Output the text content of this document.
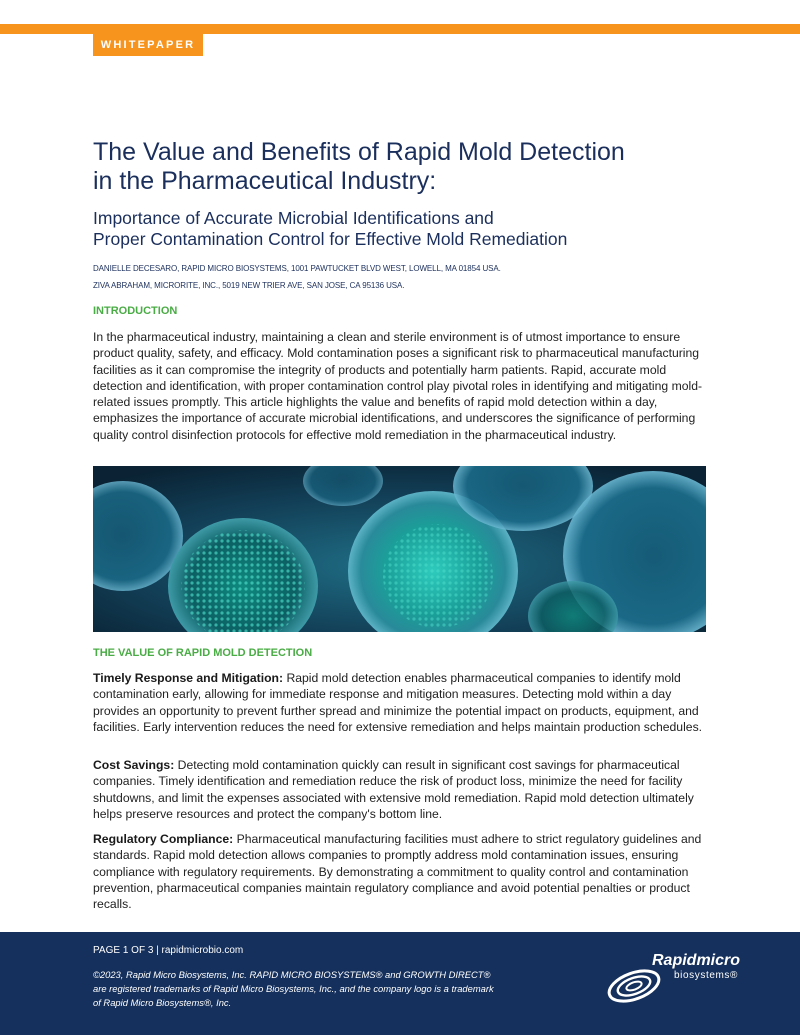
WHITEPAPER
The Value and Benefits of Rapid Mold Detection
in the Pharmaceutical Industry:
Importance of Accurate Microbial Identifications and
Proper Contamination Control for Effective Mold Remediation
DANIELLE DECESARO, RAPID MICRO BIOSYSTEMS, 1001 PAWTUCKET BLVD WEST, LOWELL, MA 01854 USA.
ZIVA ABRAHAM, MICRORITE, INC., 5019 NEW TRIER AVE, SAN JOSE, CA 95136 USA.
INTRODUCTION

In the pharmaceutical industry, maintaining a clean and sterile environment is of utmost importance to ensure product quality, safety, and efficacy. Mold contamination poses a significant risk to pharmaceutical manufacturing facilities as it can compromise the integrity of products and potentially harm patients. Rapid, accurate mold detection and identification, with proper contamination control play pivotal roles in identifying and mitigating mold-related issues promptly. This article highlights the value and benefits of rapid mold detection within a day, emphasizes the importance of accurate microbial identifications, and underscores the significance of performing quality control disinfection protocols for effective mold remediation in the pharmaceutical industry.

THE VALUE OF RAPID MOLD DETECTION

Timely Response and Mitigation: Rapid mold detection enables pharmaceutical companies to identify mold contamination early, allowing for immediate response and mitigation measures. Detecting mold within a day provides an opportunity to prevent further spread and minimize the potential impact on products, equipment, and facilities. Early intervention reduces the need for extensive remediation and helps maintain production schedules.

Cost Savings: Detecting mold contamination quickly can result in significant cost savings for pharmaceutical companies. Timely identification and remediation reduce the risk of product loss, minimize the need for facility shutdowns, and limit the expenses associated with extensive mold remediation. Rapid mold detection ultimately helps preserve resources and protect the company's bottom line.

Regulatory Compliance: Pharmaceutical manufacturing facilities must adhere to strict regulatory guidelines and standards. Rapid mold detection allows companies to promptly address mold contamination issues, ensuring compliance with regulatory requirements. By demonstrating a commitment to quality control and contamination prevention, pharmaceutical companies maintain regulatory compliance and avoid potential penalties or product recalls.

PAGE 1 OF 3 | rapidmicrobio.com

©2023, Rapid Micro Biosystems, Inc. RAPID MICRO BIOSYSTEMS® and GROWTH DIRECT®
are registered trademarks of Rapid Micro Biosystems, Inc., and the company logo is a trademark
of Rapid Micro Biosystems®, Inc.

Rapidmicro
biosystems®
